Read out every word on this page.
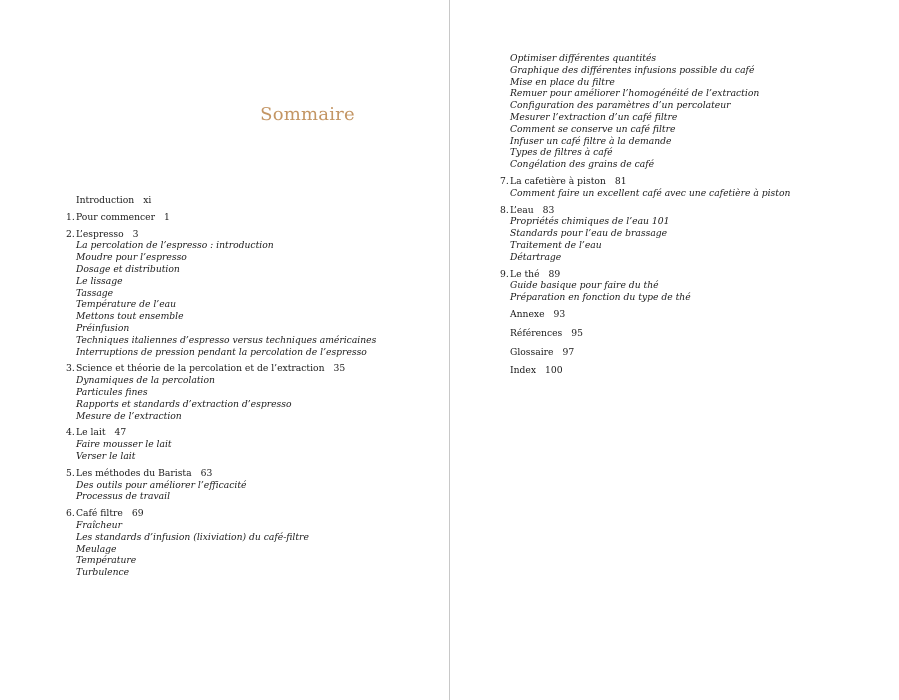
Sommaire
Introduction xi
1. Pour commencer 1
2. L’espresso 3
La percolation de l’espresso : introduction
Moudre pour l’espresso
Dosage et distribution
Le lissage
Tassage
Température de l’eau
Mettons tout ensemble
Préinfusion
Techniques italiennes d’espresso versus techniques américaines
Interruptions de pression pendant la percolation de l’espresso
3. Science et théorie de la percolation et de l’extraction 35
Dynamiques de la percolation
Particules fines
Rapports et standards d’extraction d’espresso
Mesure de l’extraction
4. Le lait 47
Faire mousser le lait
Verser le lait
5. Les méthodes du Barista 63
Des outils pour améliorer l’efficacité
Processus de travail
6. Café filtre 69
Fraîcheur
Les standards d’infusion (lixiviation) du café-filtre
Meulage
Température
Turbulence
Optimiser différentes quantités
Graphique des différentes infusions possible du café
Mise en place du filtre
Remuer pour améliorer l’homogénéité de l’extraction
Configuration des paramètres d’un percolateur
Mesurer l’extraction d’un café filtre
Comment se conserve un café filtre
Infuser un café filtre à la demande
Types de filtres à café
Congélation des grains de café
7. La cafetière à piston 81
Comment faire un excellent café avec une cafetière à piston
8. L’eau 83
Propriétés chimiques de l’eau 101
Standards pour l’eau de brassage
Traitement de l’eau
Détartrage
9. Le thé 89
Guide basique pour faire du thé
Préparation en fonction du type de thé
Annexe 93
Références 95
Glossaire 97
Index 100
